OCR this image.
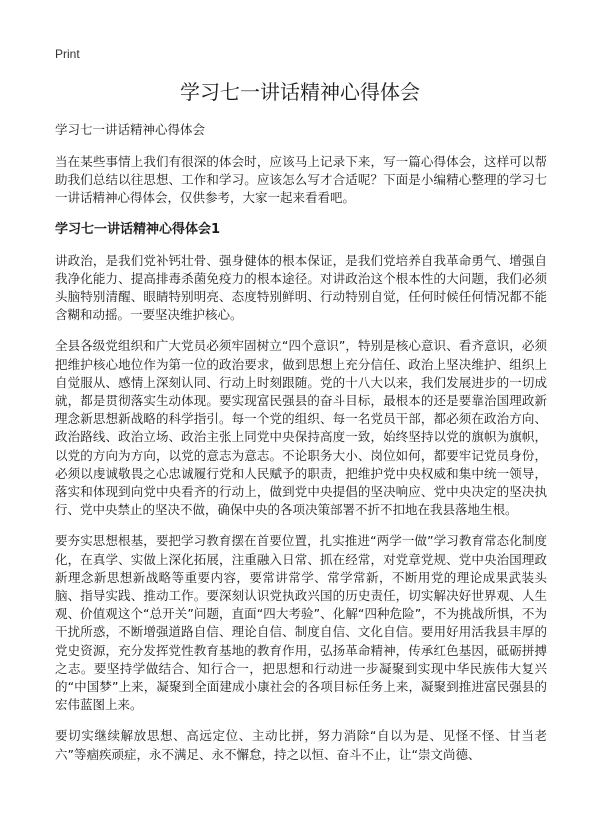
Print
学习七一讲话精神心得体会

学习七一讲话精神心得体会

当在某些事情上我们有很深的体会时，应该马上记录下来，写一篇心得体会，这样可以帮助我们总结以往思想、工作和学习。应该怎么写才合适呢？下面是小编精心整理的学习七一讲话精神心得体会，仅供参考，大家一起来看看吧。

学习七一讲话精神心得体会1

讲政治，是我们党补钙壮骨、强身健体的根本保证，是我们党培养自我革命勇气、增强自我净化能力、提高排毒杀菌免疫力的根本途径。对讲政治这个根本性的大问题，我们必须头脑特别清醒、眼睛特别明亮、态度特别鲜明、行动特别自觉，任何时候任何情况都不能含糊和动摇。一要坚决维护核心。

全县各级党组织和广大党员必须牢固树立“四个意识”，特别是核心意识、看齐意识，必须把维护核心地位作为第一位的政治要求，做到思想上充分信任、政治上坚决维护、组织上自觉服从、感情上深刻认同、行动上时刻跟随。党的十八大以来，我们发展进步的一切成就，都是贯彻落实生动体现。要实现富民强县的奋斗目标，最根本的还是要靠治国理政新理念新思想新战略的科学指引。每一个党的组织、每一名党员干部，都必须在政治方向、政治路线、政治立场、政治主张上同党中央保持高度一致，始终坚持以党的旗帜为旗帜，以党的方向为方向，以党的意志为意志。不论职务大小、岗位如何，都要牢记党员身份，必须以虔诚敬畏之心忠诚履行党和人民赋予的职责，把维护党中央权威和集中统一领导，落实和体现到向党中央看齐的行动上，做到党中央提倡的坚决响应、党中央决定的坚决执行、党中央禁止的坚决不做，确保中央的各项决策部署不折不扣地在我县落地生根。

要夯实思想根基，要把学习教育摆在首要位置，扎实推进“两学一做”学习教育常态化制度化，在真学、实做上深化拓展，注重融入日常、抓在经常，对党章党规、党中央治国理政新理念新思想新战略等重要内容，要常讲常学、常学常新，不断用党的理论成果武装头脑、指导实践、推动工作。要深刻认识党执政兴国的历史责任，切实解决好世界观、人生观、价值观这个“总开关”问题，直面“四大考验”、化解“四种危险”，不为挑战所惧，不为干扰所惑，不断增强道路自信、理论自信、制度自信、文化自信。要用好用活我县丰厚的党史资源，充分发挥党性教育基地的教育作用，弘扬革命精神，传承红色基因，砥砺拼搏之志。要坚持学做结合、知行合一，把思想和行动进一步凝聚到实现中华民族伟大复兴的“中国梦”上来，凝聚到全面建成小康社会的各项目标任务上来，凝聚到推进富民强县的宏伟蓝图上来。

要切实继续解放思想、高远定位、主动比拼，努力消除“自以为是、见怪不怪、甘当老六”等痼疾顽症，永不满足、永不懈怠，持之以恒、奋斗不止，让“崇文尚德、
